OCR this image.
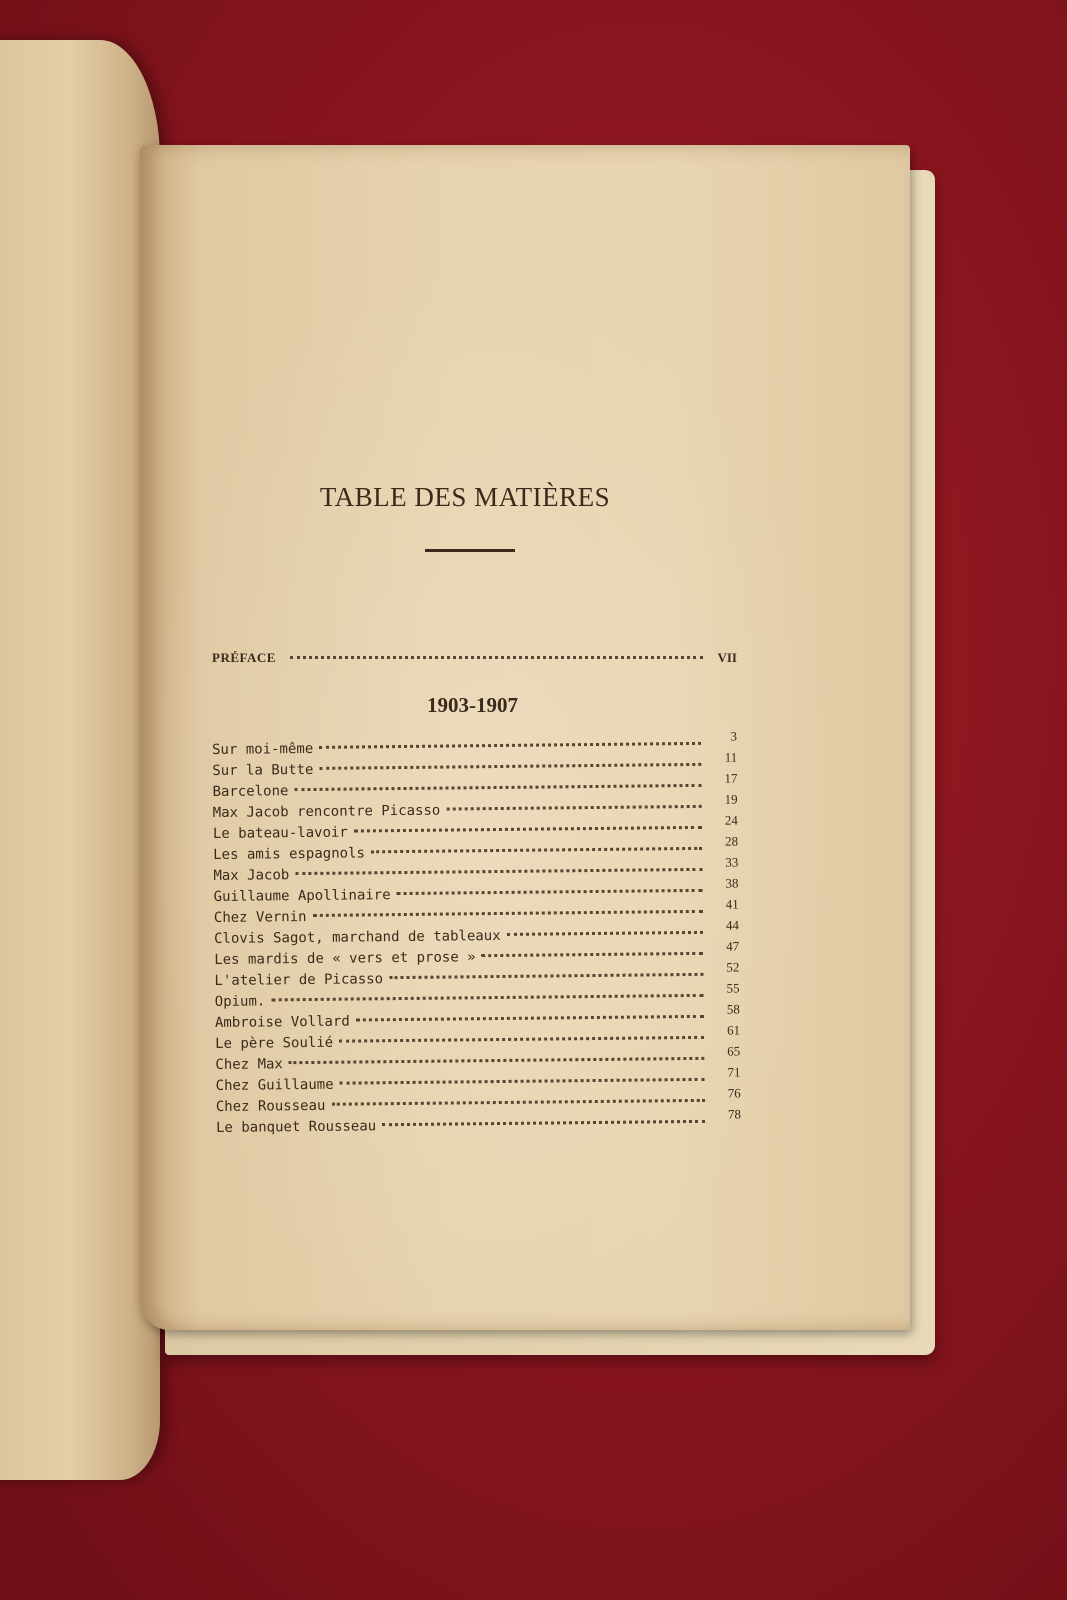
TABLE DES MATIÈRES
PRÉFACE	VII
1903-1907
Sur moi-même
3
Sur la Butte
11
Barcelone
17
Max Jacob rencontre Picasso
19
Le bateau-lavoir
24
Les amis espagnols
28
Max Jacob
33
Guillaume Apollinaire
38
Chez Vernin
41
Clovis Sagot, marchand de tableaux
44
Les mardis de « vers et prose »
47
L'atelier de Picasso
52
Opium.
55
Ambroise Vollard
58
Le père Soulié
61
Chez Max
65
Chez Guillaume
71
Chez Rousseau
76
Le banquet Rousseau
78
